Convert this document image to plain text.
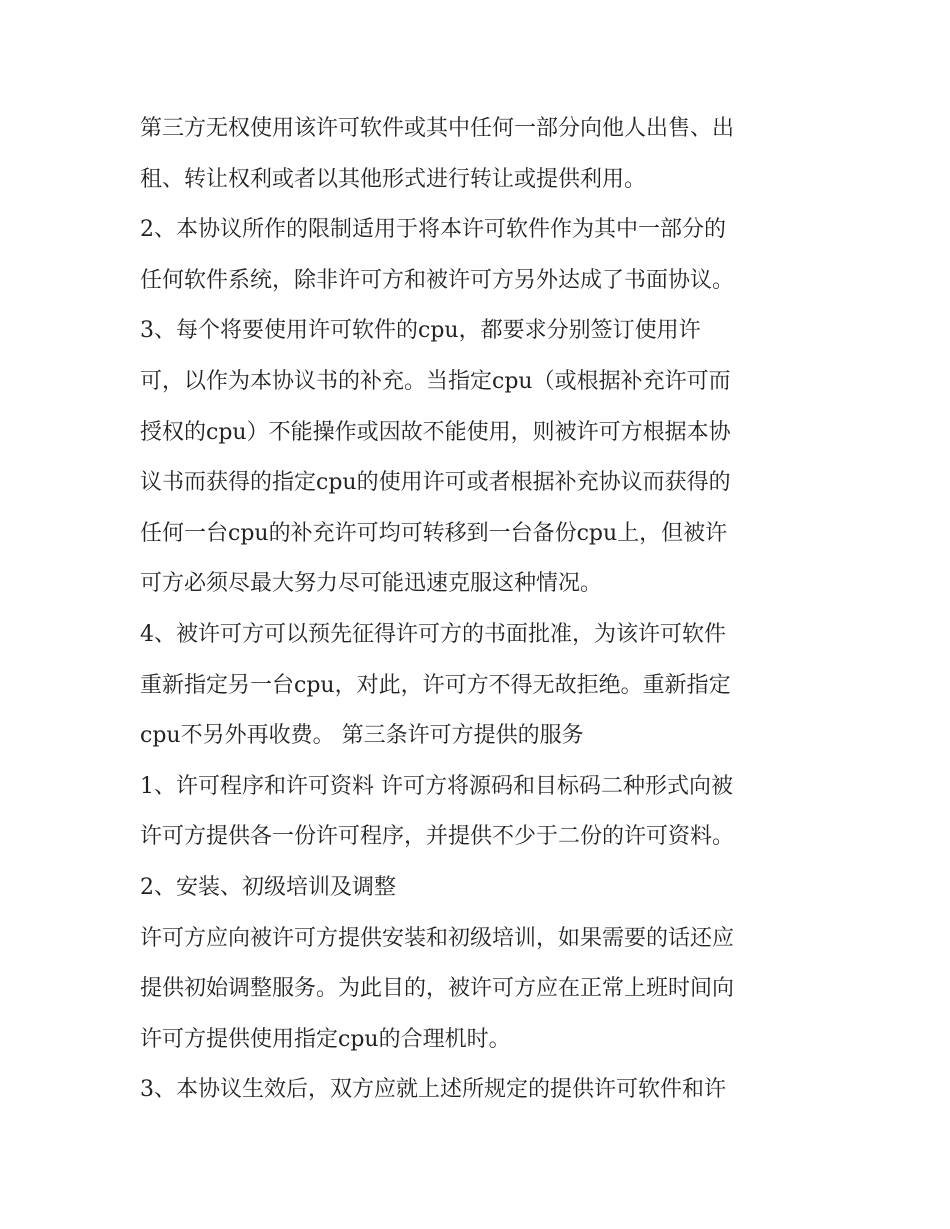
第三方无权使用该许可软件或其中任何一部分向他人出售、出
租、转让权利或者以其他形式进行转让或提供利用。
2、本协议所作的限制适用于将本许可软件作为其中一部分的
任何软件系统，除非许可方和被许可方另外达成了书面协议。
3、每个将要使用许可软件的cpu，都要求分别签订使用许
可，以作为本协议书的补充。当指定cpu（或根据补充许可而
授权的cpu）不能操作或因故不能使用，则被许可方根据本协
议书而获得的指定cpu的使用许可或者根据补充协议而获得的
任何一台cpu的补充许可均可转移到一台备份cpu上，但被许
可方必须尽最大努力尽可能迅速克服这种情况。
4、被许可方可以预先征得许可方的书面批准，为该许可软件
重新指定另一台cpu，对此，许可方不得无故拒绝。重新指定
cpu不另外再收费。 第三条许可方提供的服务
1、许可程序和许可资料 许可方将源码和目标码二种形式向被
许可方提供各一份许可程序，并提供不少于二份的许可资料。
2、安装、初级培训及调整
许可方应向被许可方提供安装和初级培训，如果需要的话还应
提供初始调整服务。为此目的，被许可方应在正常上班时间向
许可方提供使用指定cpu的合理机时。
3、本协议生效后，双方应就上述所规定的提供许可软件和许
